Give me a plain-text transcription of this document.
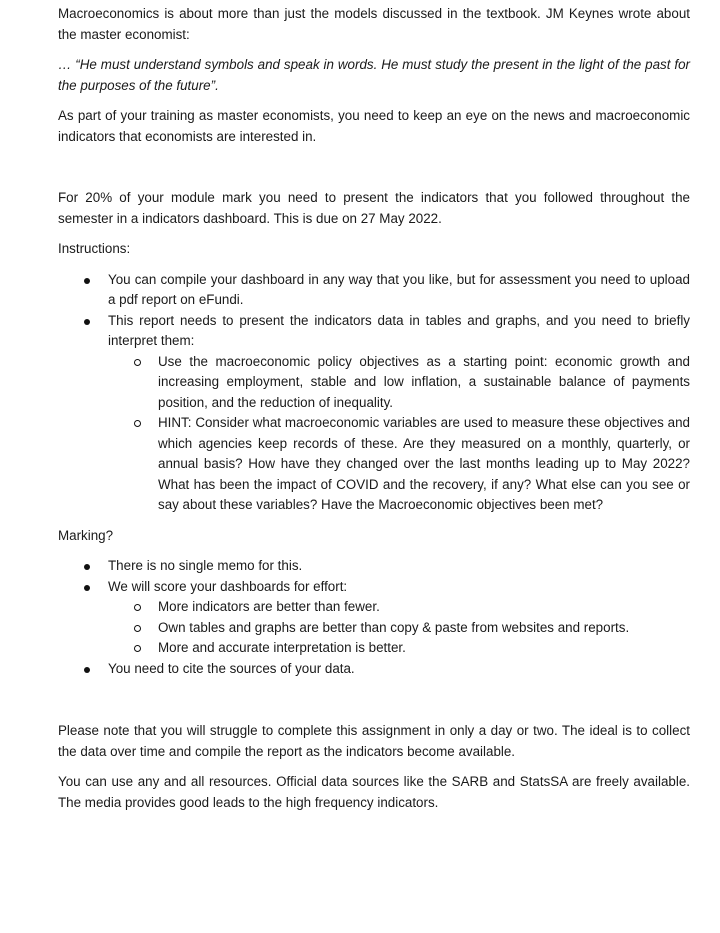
Macroeconomics is about more than just the models discussed in the textbook. JM Keynes wrote about the master economist:

… “He must understand symbols and speak in words. He must study the present in the light of the past for the purposes of the future”.

As part of your training as master economists, you need to keep an eye on the news and macroeconomic indicators that economists are interested in.

For 20% of your module mark you need to present the indicators that you followed throughout the semester in a indicators dashboard. This is due on 27 May 2022.

Instructions:

You can compile your dashboard in any way that you like, but for assessment you need to upload a pdf report on eFundi.
This report needs to present the indicators data in tables and graphs, and you need to briefly interpret them:
Use the macroeconomic policy objectives as a starting point: economic growth and increasing employment, stable and low inflation, a sustainable balance of payments position, and the reduction of inequality.
HINT: Consider what macroeconomic variables are used to measure these objectives and which agencies keep records of these. Are they measured on a monthly, quarterly, or annual basis? How have they changed over the last months leading up to May 2022? What has been the impact of COVID and the recovery, if any? What else can you see or say about these variables? Have the Macroeconomic objectives been met?

Marking?

There is no single memo for this.
We will score your dashboards for effort:
More indicators are better than fewer.
Own tables and graphs are better than copy & paste from websites and reports.
More and accurate interpretation is better.
You need to cite the sources of your data.

Please note that you will struggle to complete this assignment in only a day or two. The ideal is to collect the data over time and compile the report as the indicators become available.

You can use any and all resources. Official data sources like the SARB and StatsSA are freely available. The media provides good leads to the high frequency indicators.
